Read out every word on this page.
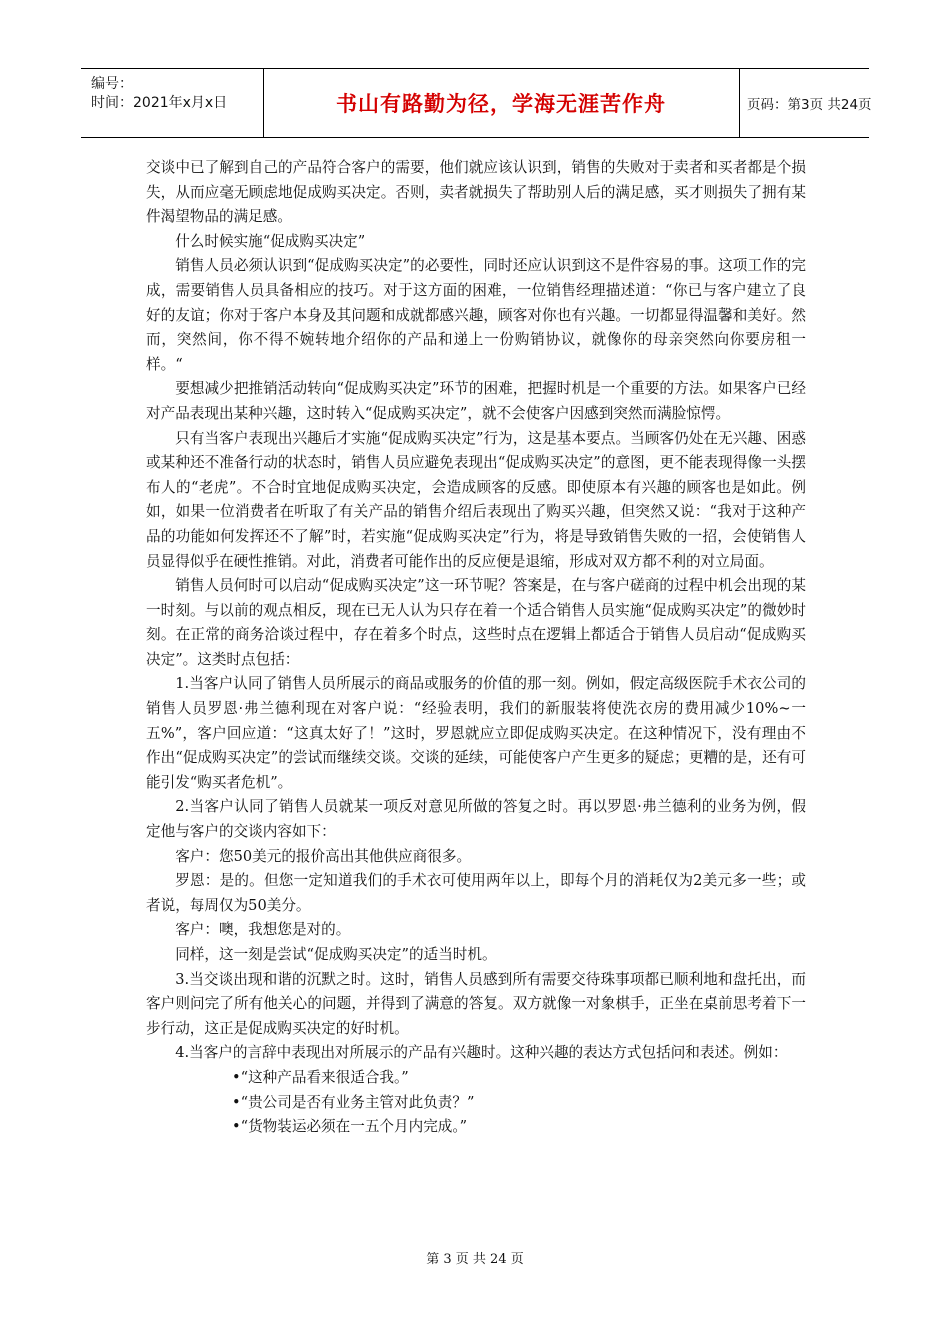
编号：
时间：2021年x月x日	书山有路勤为径，学海无涯苦作舟	页码：第3页 共24页

交谈中已了解到自己的产品符合客户的需要，他们就应该认识到，销售的失败对于卖者和买者都是个损失，从而应毫无顾虑地促成购买决定。否则，卖者就损失了帮助别人后的满足感，买才则损失了拥有某件渴望物品的满足感。

什么时候实施“促成购买决定”

销售人员必须认识到“促成购买决定”的必要性，同时还应认识到这不是件容易的事。这项工作的完成，需要销售人员具备相应的技巧。对于这方面的困难，一位销售经理描述道：“你已与客户建立了良好的友谊；你对于客户本身及其问题和成就都感兴趣，顾客对你也有兴趣。一切都显得温馨和美好。然而，突然间，你不得不婉转地介绍你的产品和递上一份购销协议，就像你的母亲突然向你要房租一样。“

要想减少把推销活动转向“促成购买决定”环节的困难，把握时机是一个重要的方法。如果客户已经对产品表现出某种兴趣，这时转入“促成购买决定”，就不会使客户因感到突然而满脸惊愕。

只有当客户表现出兴趣后才实施“促成购买决定”行为，这是基本要点。当顾客仍处在无兴趣、困惑或某种还不准备行动的状态时，销售人员应避免表现出“促成购买决定”的意图，更不能表现得像一头摆布人的“老虎”。不合时宜地促成购买决定，会造成顾客的反感。即使原本有兴趣的顾客也是如此。例如，如果一位消费者在听取了有关产品的销售介绍后表现出了购买兴趣，但突然又说：“我对于这种产品的功能如何发挥还不了解”时，若实施“促成购买决定”行为，将是导致销售失败的一招，会使销售人员显得似乎在硬性推销。对此，消费者可能作出的反应便是退缩，形成对双方都不利的对立局面。

销售人员何时可以启动“促成购买决定”这一环节呢？答案是，在与客户磋商的过程中机会出现的某一时刻。与以前的观点相反，现在已无人认为只存在着一个适合销售人员实施“促成购买决定”的微妙时刻。在正常的商务洽谈过程中，存在着多个时点，这些时点在逻辑上都适合于销售人员启动“促成购买决定”。这类时点包括：

1.当客户认同了销售人员所展示的商品或服务的价值的那一刻。例如，假定高级医院手术衣公司的销售人员罗恩·弗兰德利现在对客户说：“经验表明，我们的新服装将使洗衣房的费用减少10%~一五%”，客户回应道：“这真太好了！”这时，罗恩就应立即促成购买决定。在这种情况下，没有理由不作出“促成购买决定”的尝试而继续交谈。交谈的延续，可能使客户产生更多的疑虑；更糟的是，还有可能引发“购买者危机”。

2.当客户认同了销售人员就某一项反对意见所做的答复之时。再以罗恩·弗兰德利的业务为例，假定他与客户的交谈内容如下：

客户：您50美元的报价高出其他供应商很多。

罗恩：是的。但您一定知道我们的手术衣可使用两年以上，即每个月的消耗仅为2美元多一些；或者说，每周仅为50美分。

客户：噢，我想您是对的。

同样，这一刻是尝试“促成购买决定”的适当时机。

3.当交谈出现和谐的沉默之时。这时，销售人员感到所有需要交待珠事项都已顺利地和盘托出，而客户则问完了所有他关心的问题，并得到了满意的答复。双方就像一对象棋手，正坐在桌前思考着下一步行动，这正是促成购买决定的好时机。

4.当客户的言辞中表现出对所展示的产品有兴趣时。这种兴趣的表达方式包括问和表述。例如：

•“这种产品看来很适合我。”
•“贵公司是否有业务主管对此负责？”
•“货物装运必须在一五个月内完成。”
第 3 页 共 24 页
